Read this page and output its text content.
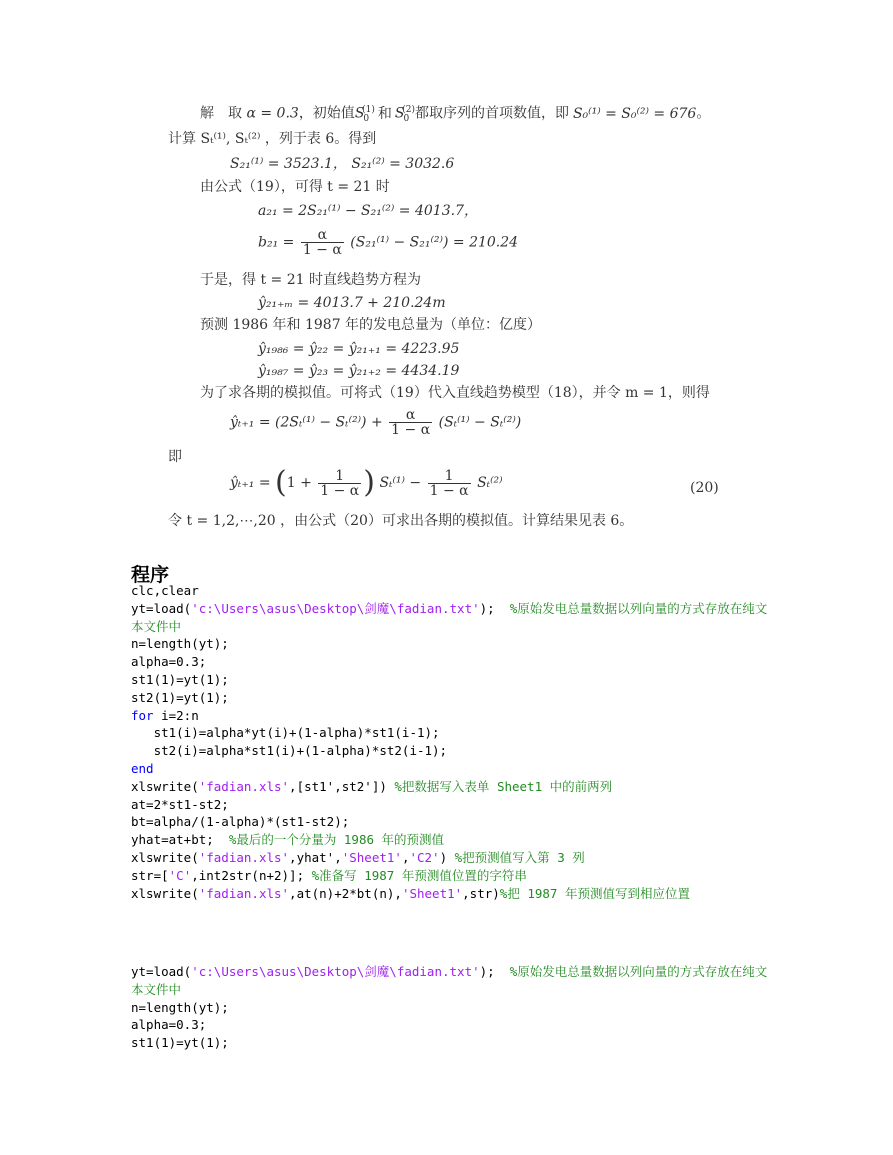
解　取 α = 0.3，初始值$S_0^{(1)}$ 和 $S_0^{(2)}$都取序列的首项数值，即 S₀⁽¹⁾ = S₀⁽²⁾ = 676。
计算 Sₜ⁽¹⁾, Sₜ⁽²⁾ ，列于表 6。得到
S₂₁⁽¹⁾ = 3523.1， S₂₁⁽²⁾ = 3032.6
由公式（19），可得 t = 21 时
a₂₁ = 2S₂₁⁽¹⁾ − S₂₁⁽²⁾ = 4013.7，
$b_{21} = \frac{\alpha}{1 - \alpha} (S_{21}^{(1)} - S_{21}^{(2)}) = 210.24$
于是，得 t = 21 时直线趋势方程为
ŷ₂₁₊ₘ = 4013.7 + 210.24m
预测 1986 年和 1987 年的发电总量为（单位：亿度）
ŷ₁₉₈₆ = ŷ₂₂ = ŷ₂₁₊₁ = 4223.95
ŷ₁₉₈₇ = ŷ₂₃ = ŷ₂₁₊₂ = 4434.19
为了求各期的模拟值。可将式（19）代入直线趋势模型（18），并令 m = 1，则得
ŷₜ₊₁ = $(2S_t^{(1)} - S_t^{(2)}) + \frac{\alpha}{1 - \alpha} (S_t^{(1)} - S_t^{(2)})$
即
ŷₜ₊₁ = ($1 + \frac{1}{1 - \alpha}$ ) $S_t^{(1)} - \frac{1}{1 - \alpha} S_t^{(2)}$	(20)
令 t = 1,2,⋯,20 ，由公式（20）可求出各期的模拟值。计算结果见表 6。
程序
clc,clear
yt=load('c:\Users\asus\Desktop\剑魔\fadian.txt');  %原始发电总量数据以列向量的方式存放在纯文本文件中
n=length(yt);
alpha=0.3;
st1(1)=yt(1);
st2(1)=yt(1);
for i=2:n
st1(i)=alpha*yt(i)+(1-alpha)*st1(i-1);
st2(i)=alpha*st1(i)+(1-alpha)*st2(i-1);
end
xlswrite('fadian.xls',[st1',st2']) %把数据写入表单 Sheet1 中的前两列
at=2*st1-st2;
bt=alpha/(1-alpha)*(st1-st2);
yhat=at+bt;  %最后的一个分量为 1986 年的预测值
xlswrite('fadian.xls',yhat','Sheet1','C2') %把预测值写入第 3 列
str=['C',int2str(n+2)]; %准备写 1987 年预测值位置的字符串
xlswrite('fadian.xls',at(n)+2*bt(n),'Sheet1',str)%把 1987 年预测值写到相应位置
yt=load('c:\Users\asus\Desktop\剑魔\fadian.txt');  %原始发电总量数据以列向量的方式存放在纯文本文件中
n=length(yt);
alpha=0.3;
st1(1)=yt(1);
